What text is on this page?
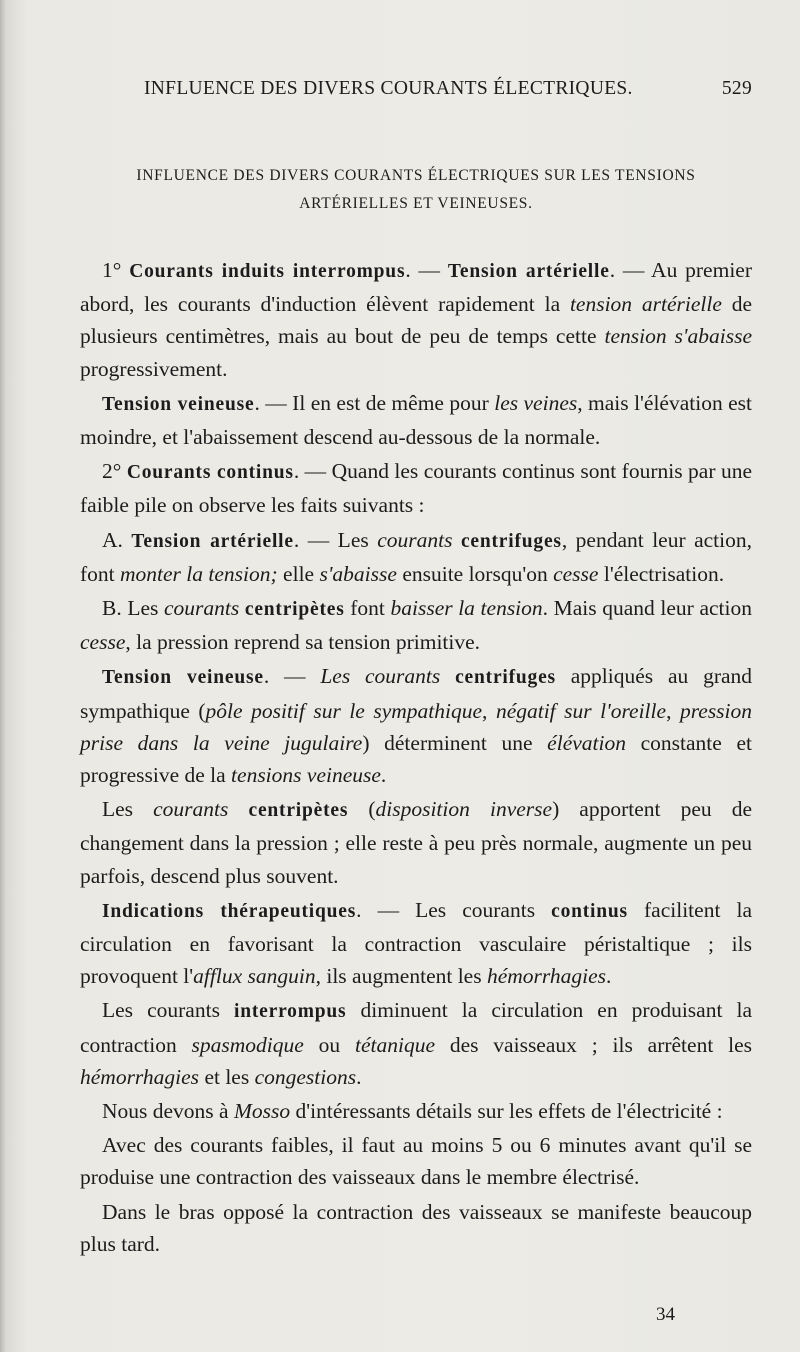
INFLUENCE DES DIVERS COURANTS ÉLECTRIQUES.	529
INFLUENCE DES DIVERS COURANTS ÉLECTRIQUES SUR LES TENSIONS
ARTÉRIELLES ET VEINEUSES.

1° Courants induits interrompus. — Tension artérielle. — Au premier abord, les courants d'induction élèvent rapidement la tension artérielle de plusieurs centimètres, mais au bout de peu de temps cette tension s'abaisse progressivement.

Tension veineuse. — Il en est de même pour les veines, mais l'élévation est moindre, et l'abaissement descend au-dessous de la normale.

2° Courants continus. — Quand les courants continus sont fournis par une faible pile on observe les faits suivants :

A. Tension artérielle. — Les courants centrifuges, pendant leur action, font monter la tension; elle s'abaisse ensuite lorsqu'on cesse l'électrisation.

B. Les courants centripètes font baisser la tension. Mais quand leur action cesse, la pression reprend sa tension primitive.

Tension veineuse. — Les courants centrifuges appliqués au grand sympathique (pôle positif sur le sympathique, négatif sur l'oreille, pression prise dans la veine jugulaire) déterminent une élévation constante et progressive de la tensions veineuse.

Les courants centripètes (disposition inverse) apportent peu de changement dans la pression ; elle reste à peu près normale, augmente un peu parfois, descend plus souvent.

Indications thérapeutiques. — Les courants continus facilitent la circulation en favorisant la contraction vasculaire péristaltique ; ils provoquent l'afflux sanguin, ils augmentent les hémorrhagies.

Les courants interrompus diminuent la circulation en produisant la contraction spasmodique ou tétanique des vaisseaux ; ils arrêtent les hémorrhagies et les congestions.

Nous devons à Mosso d'intéressants détails sur les effets de l'électricité :

Avec des courants faibles, il faut au moins 5 ou 6 minutes avant qu'il se produise une contraction des vaisseaux dans le membre électrisé.

Dans le bras opposé la contraction des vaisseaux se manifeste beaucoup plus tard.

34
